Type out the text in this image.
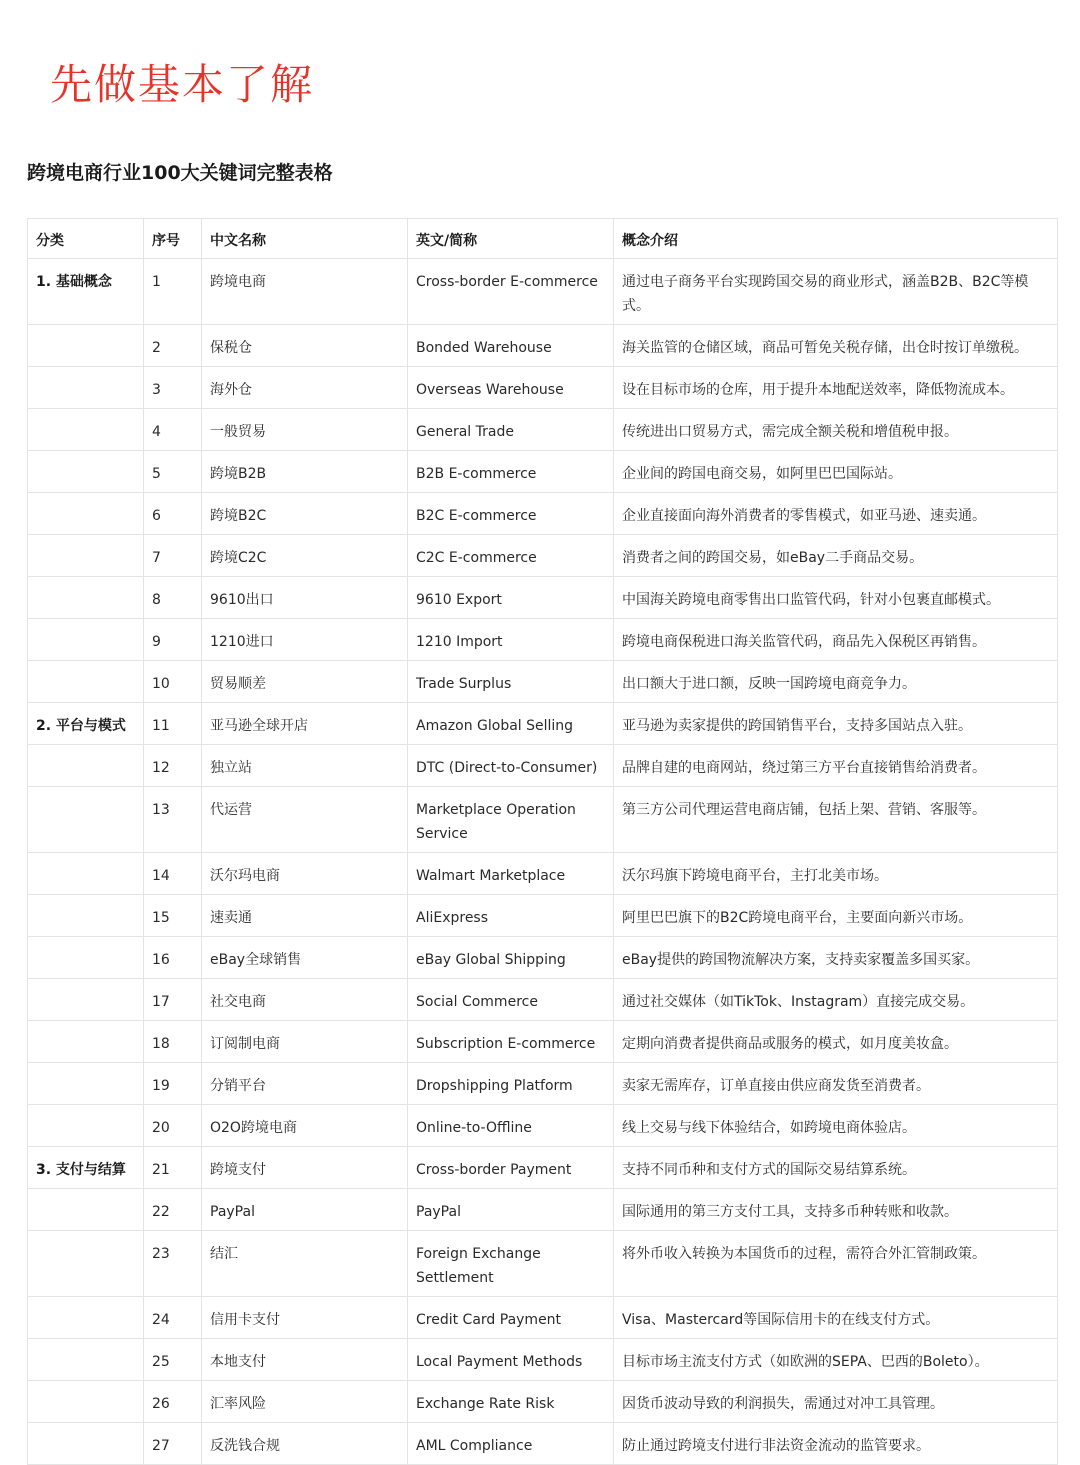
先做基本了解
跨境电商行业100大关键词完整表格
分类	序号	中文名称	英文/简称	概念介绍
1. 基础概念	1	跨境电商	Cross-border E-commerce	通过电子商务平台实现跨国交易的商业形式，涵盖B2B、B2C等模式。
	2	保税仓	Bonded Warehouse	海关监管的仓储区域，商品可暂免关税存储，出仓时按订单缴税。
	3	海外仓	Overseas Warehouse	设在目标市场的仓库，用于提升本地配送效率，降低物流成本。
	4	一般贸易	General Trade	传统进出口贸易方式，需完成全额关税和增值税申报。
	5	跨境B2B	B2B E-commerce	企业间的跨国电商交易，如阿里巴巴国际站。
	6	跨境B2C	B2C E-commerce	企业直接面向海外消费者的零售模式，如亚马逊、速卖通。
	7	跨境C2C	C2C E-commerce	消费者之间的跨国交易，如eBay二手商品交易。
	8	9610出口	9610 Export	中国海关跨境电商零售出口监管代码，针对小包裹直邮模式。
	9	1210进口	1210 Import	跨境电商保税进口海关监管代码，商品先入保税区再销售。
	10	贸易顺差	Trade Surplus	出口额大于进口额，反映一国跨境电商竞争力。
2. 平台与模式	11	亚马逊全球开店	Amazon Global Selling	亚马逊为卖家提供的跨国销售平台，支持多国站点入驻。
	12	独立站	DTC (Direct-to-Consumer)	品牌自建的电商网站，绕过第三方平台直接销售给消费者。
	13	代运营	Marketplace Operation Service	第三方公司代理运营电商店铺，包括上架、营销、客服等。
	14	沃尔玛电商	Walmart Marketplace	沃尔玛旗下跨境电商平台，主打北美市场。
	15	速卖通	AliExpress	阿里巴巴旗下的B2C跨境电商平台，主要面向新兴市场。
	16	eBay全球销售	eBay Global Shipping	eBay提供的跨国物流解决方案，支持卖家覆盖多国买家。
	17	社交电商	Social Commerce	通过社交媒体（如TikTok、Instagram）直接完成交易。
	18	订阅制电商	Subscription E-commerce	定期向消费者提供商品或服务的模式，如月度美妆盒。
	19	分销平台	Dropshipping Platform	卖家无需库存，订单直接由供应商发货至消费者。
	20	O2O跨境电商	Online-to-Offline	线上交易与线下体验结合，如跨境电商体验店。
3. 支付与结算	21	跨境支付	Cross-border Payment	支持不同币种和支付方式的国际交易结算系统。
	22	PayPal	PayPal	国际通用的第三方支付工具，支持多币种转账和收款。
	23	结汇	Foreign Exchange Settlement	将外币收入转换为本国货币的过程，需符合外汇管制政策。
	24	信用卡支付	Credit Card Payment	Visa、Mastercard等国际信用卡的在线支付方式。
	25	本地支付	Local Payment Methods	目标市场主流支付方式（如欧洲的SEPA、巴西的Boleto）。
	26	汇率风险	Exchange Rate Risk	因货币波动导致的利润损失，需通过对冲工具管理。
	27	反洗钱合规	AML Compliance	防止通过跨境支付进行非法资金流动的监管要求。
